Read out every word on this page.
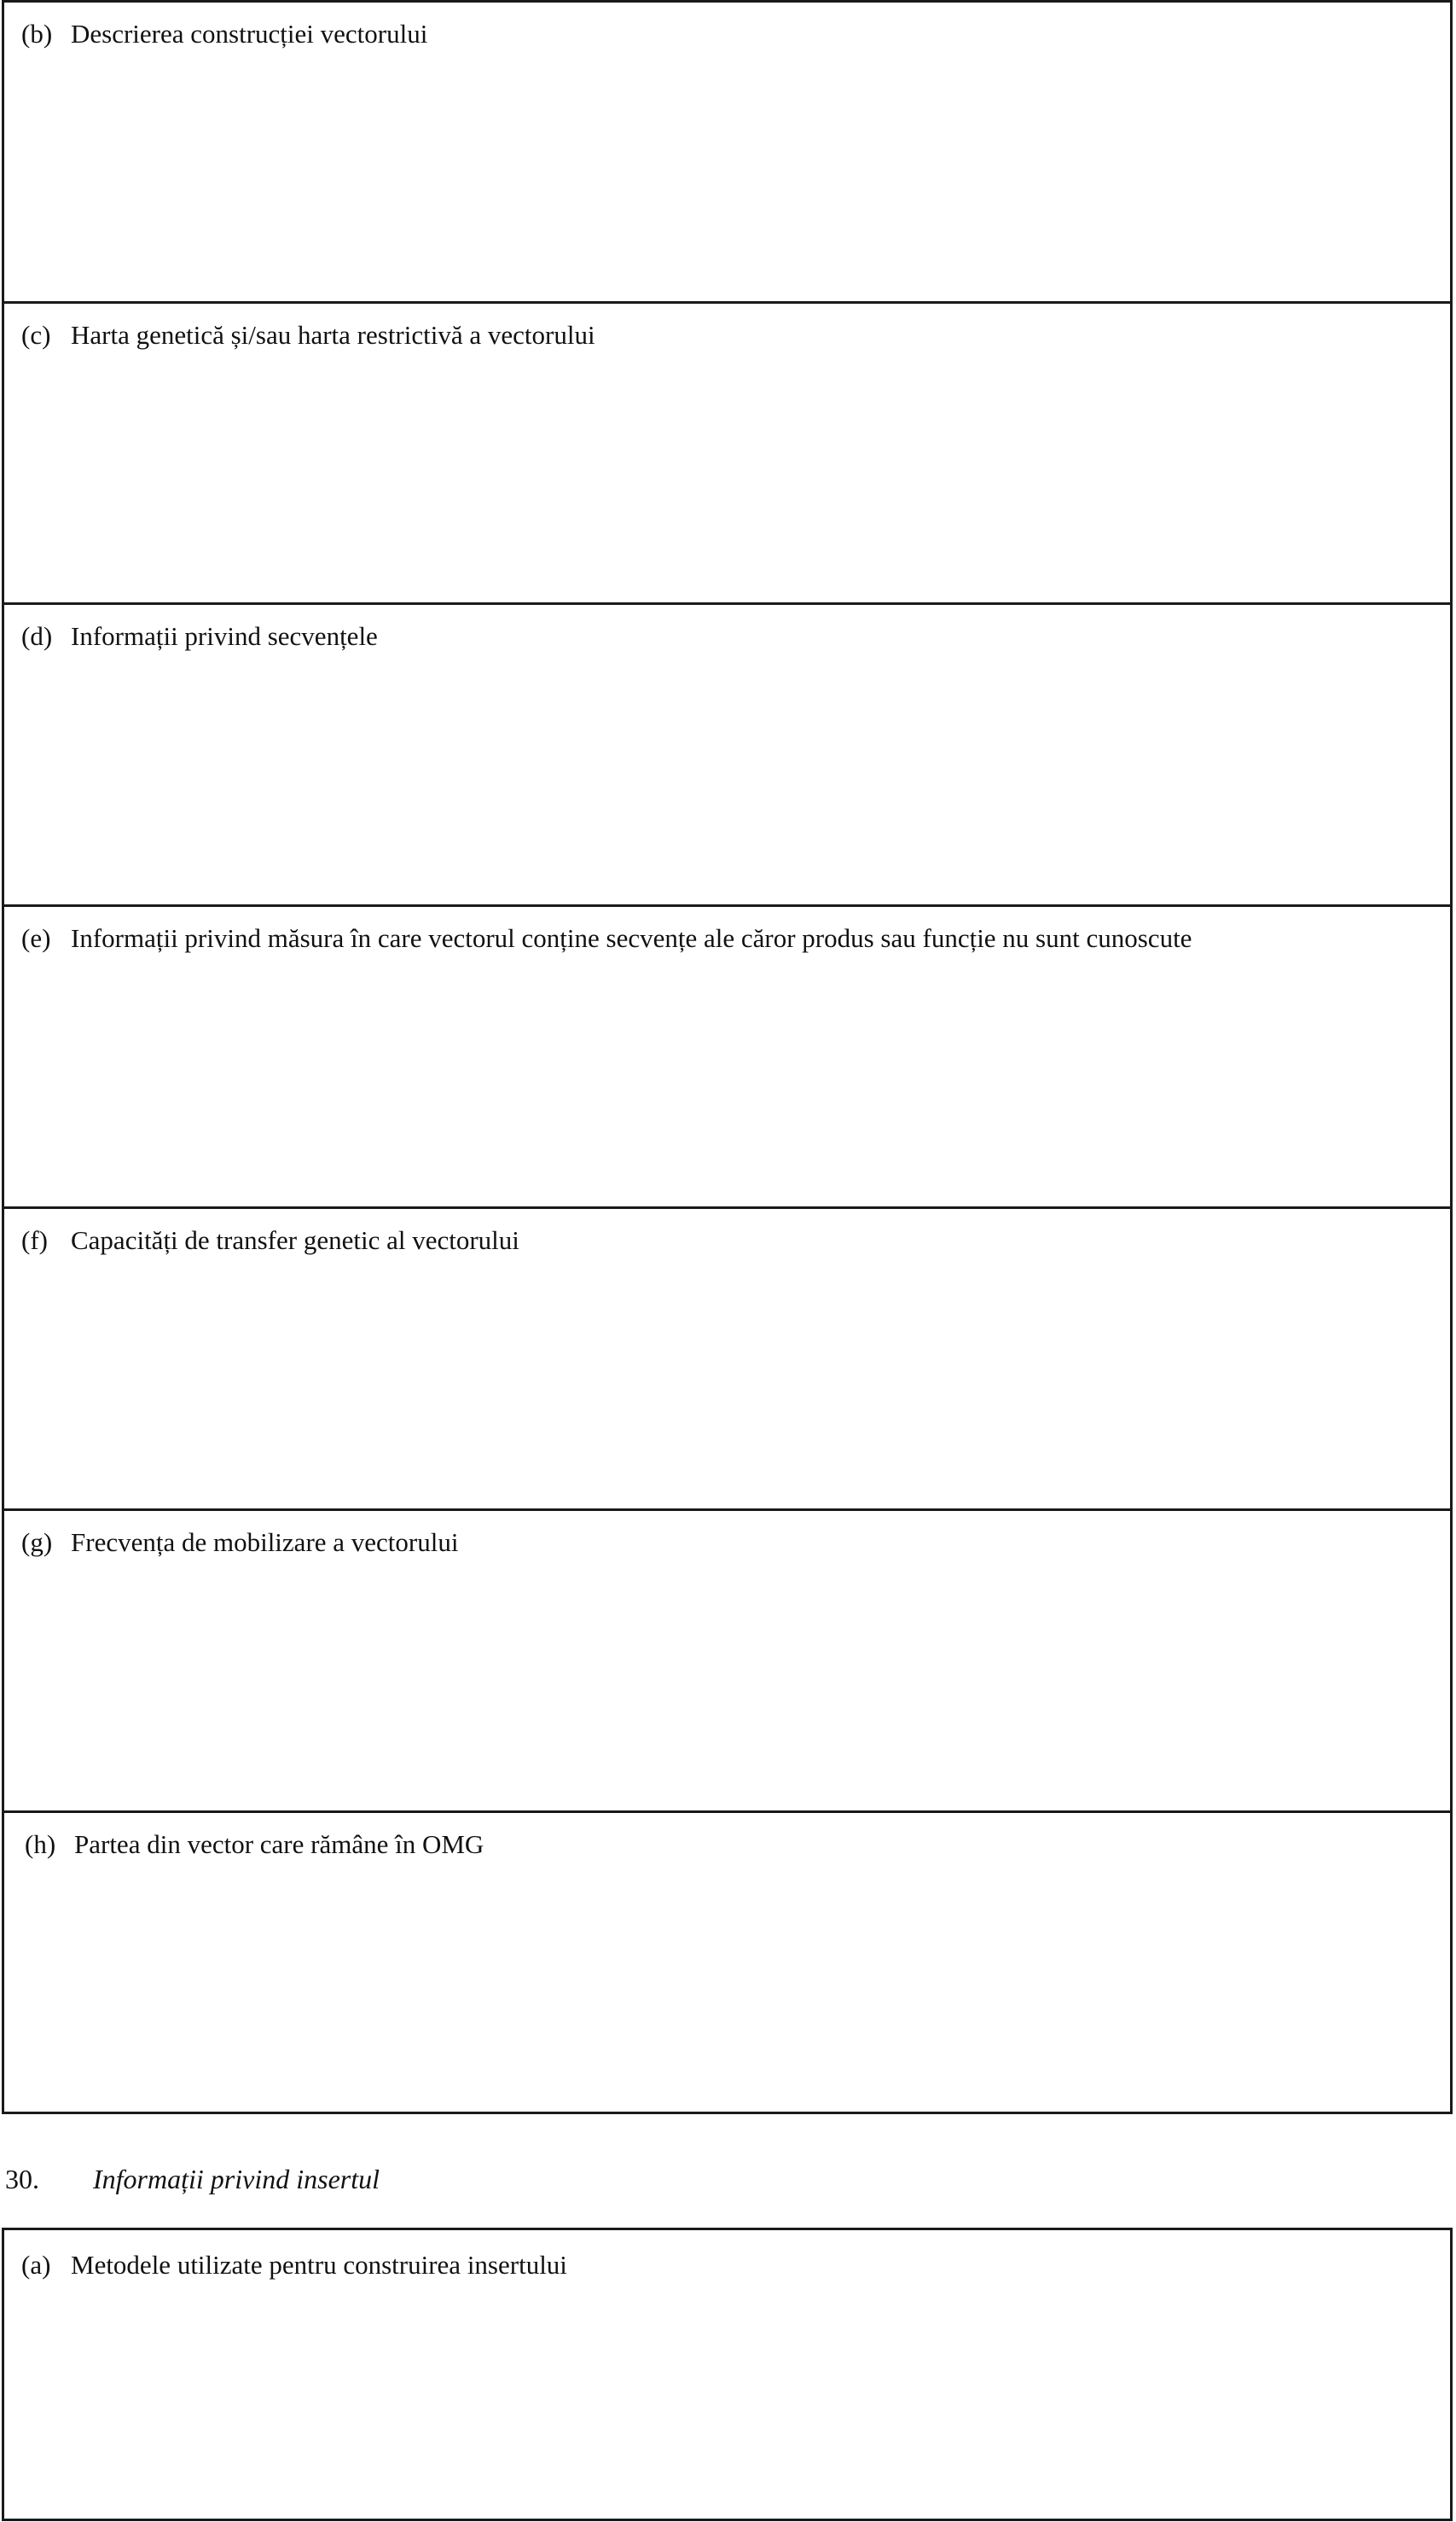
(b) Descrierea construcției vectorului
(c) Harta genetică și/sau harta restrictivă a vectorului
(d) Informații privind secvențele
(e) Informații privind măsura în care vectorul conține secvențe ale căror produs sau funcție nu sunt cunoscute
(f) Capacități de transfer genetic al vectorului
(g) Frecvența de mobilizare a vectorului
(h) Partea din vector care rămâne în OMG
30. Informații privind insertul
(a) Metodele utilizate pentru construirea insertului
